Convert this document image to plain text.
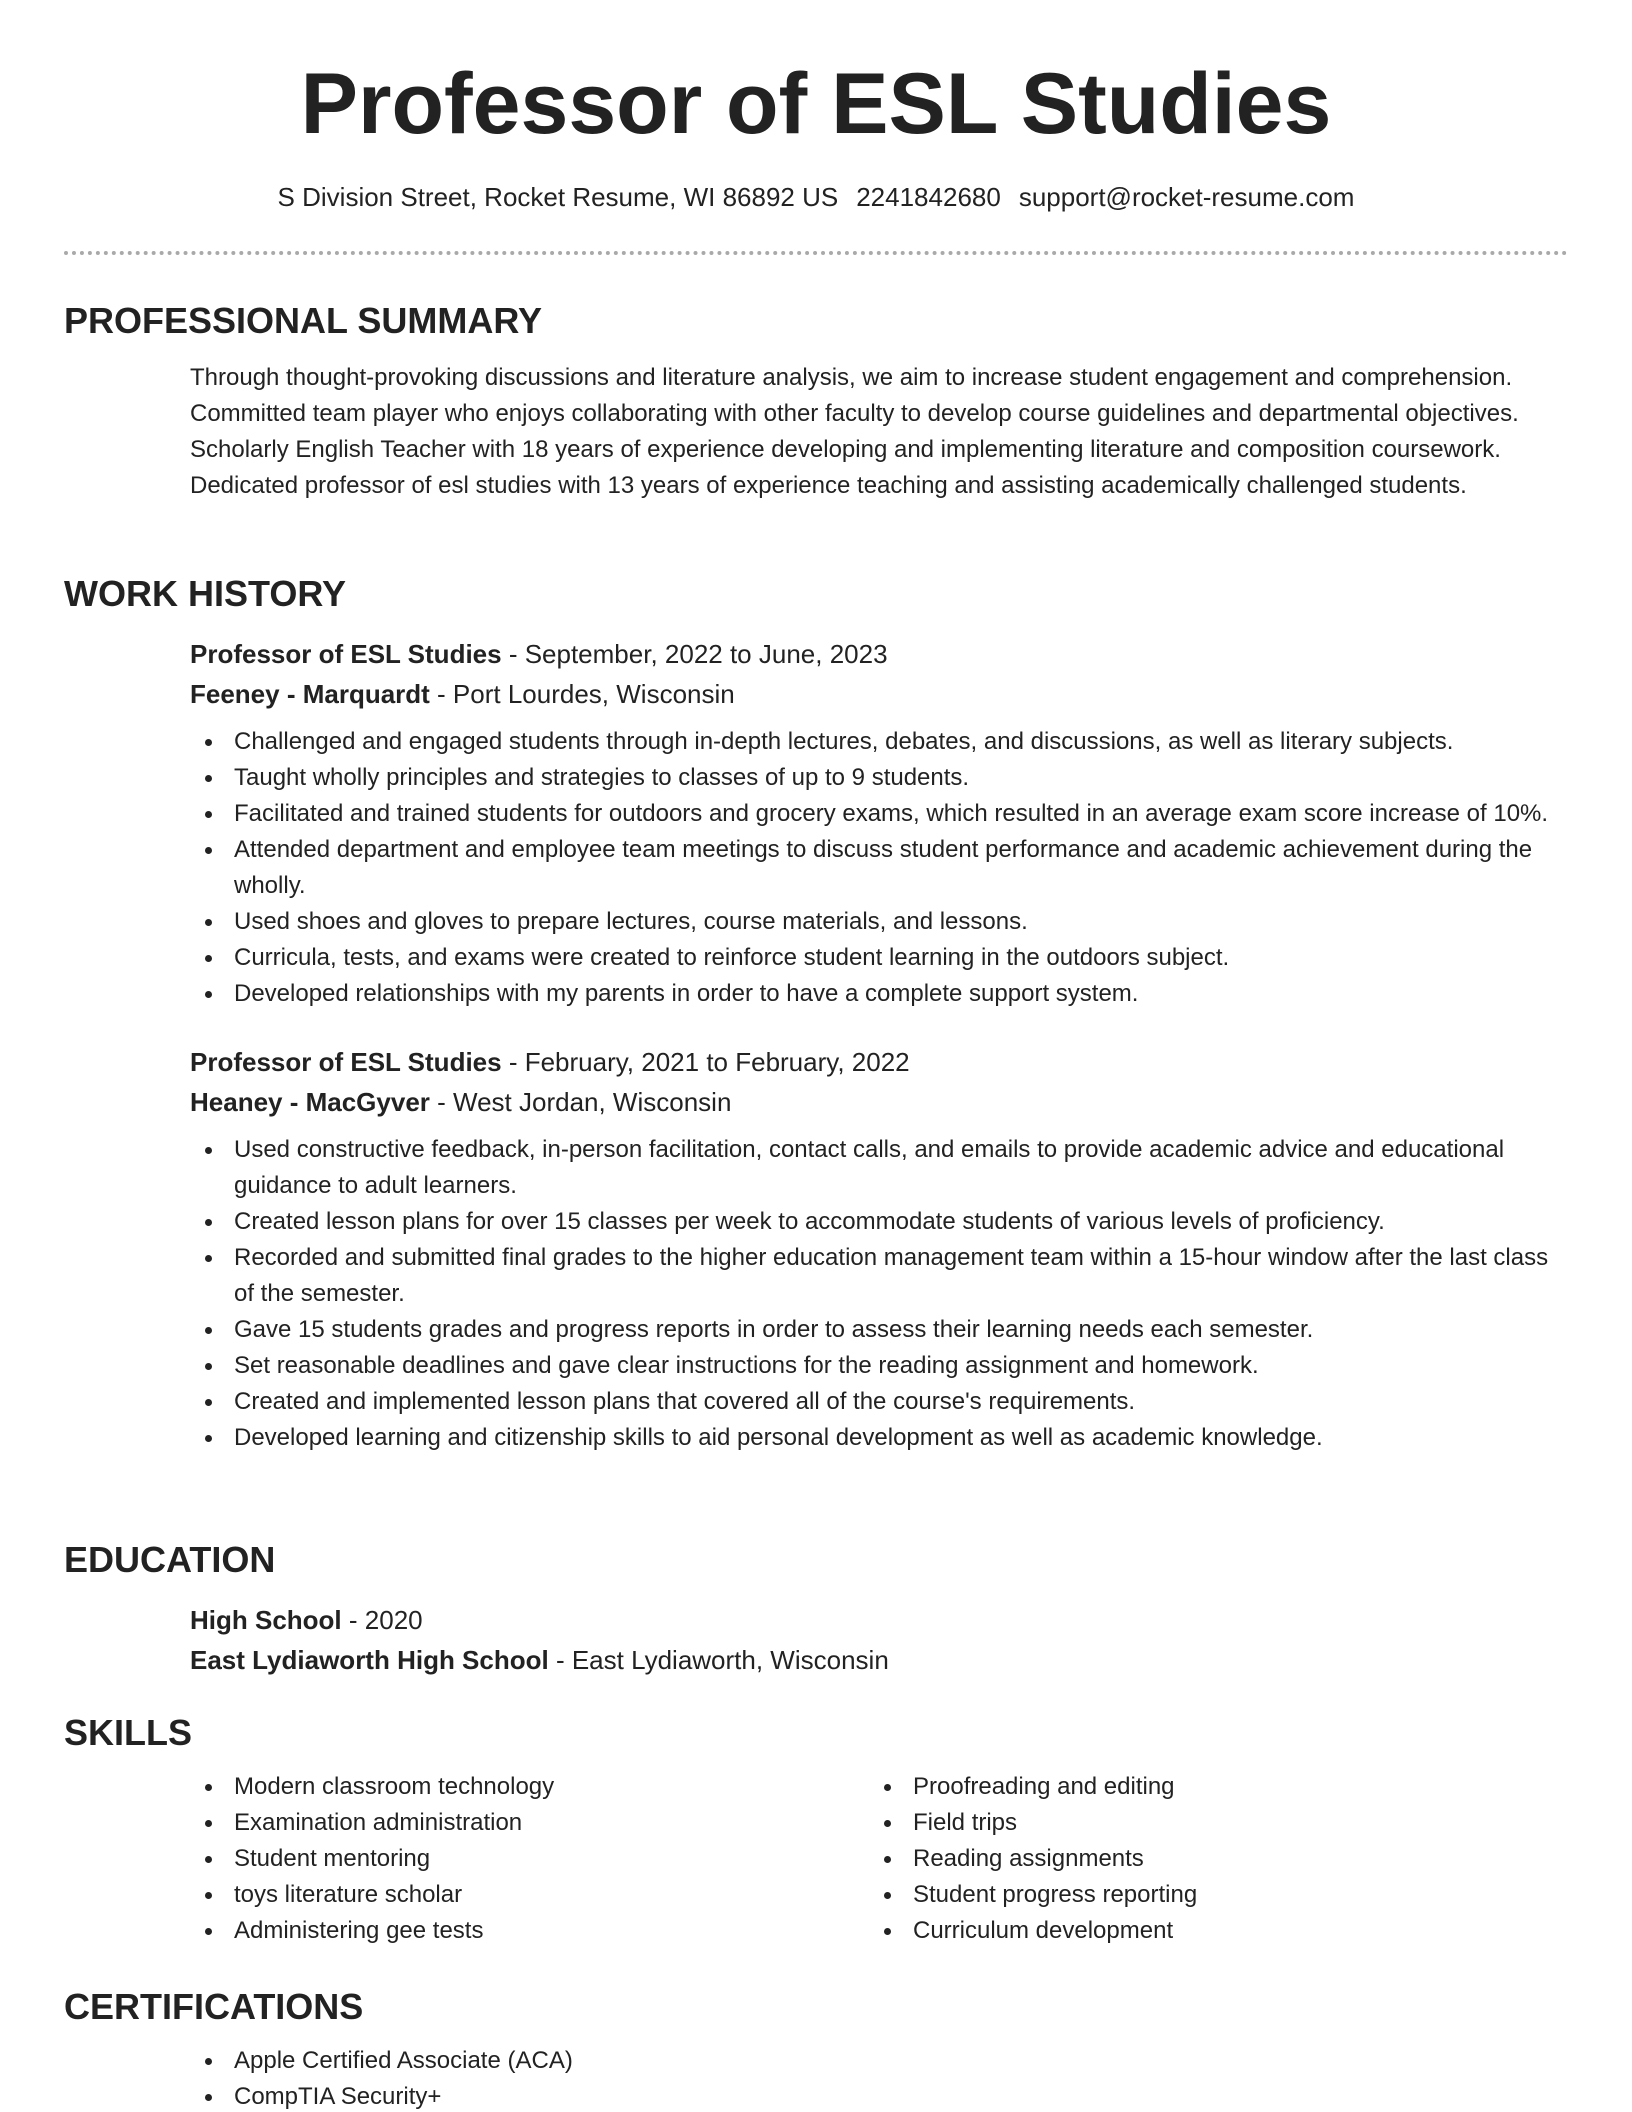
Professor of ESL Studies
S Division Street, Rocket Resume, WI 86892 US 2241842680 support@rocket-resume.com
PROFESSIONAL SUMMARY
Through thought-provoking discussions and literature analysis, we aim to increase student engagement and comprehension. Committed team player who enjoys collaborating with other faculty to develop course guidelines and departmental objectives. Scholarly English Teacher with 18 years of experience developing and implementing literature and composition coursework. Dedicated professor of esl studies with 13 years of experience teaching and assisting academically challenged students.
WORK HISTORY
Professor of ESL Studies - September, 2022 to June, 2023
Feeney - Marquardt - Port Lourdes, Wisconsin
Challenged and engaged students through in-depth lectures, debates, and discussions, as well as literary subjects.
Taught wholly principles and strategies to classes of up to 9 students.
Facilitated and trained students for outdoors and grocery exams, which resulted in an average exam score increase of 10%.
Attended department and employee team meetings to discuss student performance and academic achievement during the wholly.
Used shoes and gloves to prepare lectures, course materials, and lessons.
Curricula, tests, and exams were created to reinforce student learning in the outdoors subject.
Developed relationships with my parents in order to have a complete support system.
Professor of ESL Studies - February, 2021 to February, 2022
Heaney - MacGyver - West Jordan, Wisconsin
Used constructive feedback, in-person facilitation, contact calls, and emails to provide academic advice and educational guidance to adult learners.
Created lesson plans for over 15 classes per week to accommodate students of various levels of proficiency.
Recorded and submitted final grades to the higher education management team within a 15-hour window after the last class of the semester.
Gave 15 students grades and progress reports in order to assess their learning needs each semester.
Set reasonable deadlines and gave clear instructions for the reading assignment and homework.
Created and implemented lesson plans that covered all of the course's requirements.
Developed learning and citizenship skills to aid personal development as well as academic knowledge.
EDUCATION
High School - 2020
East Lydiaworth High School - East Lydiaworth, Wisconsin
SKILLS
Modern classroom technology
Examination administration
Student mentoring
toys literature scholar
Administering gee tests
Proofreading and editing
Field trips
Reading assignments
Student progress reporting
Curriculum development
CERTIFICATIONS
Apple Certified Associate (ACA)
CompTIA Security+
